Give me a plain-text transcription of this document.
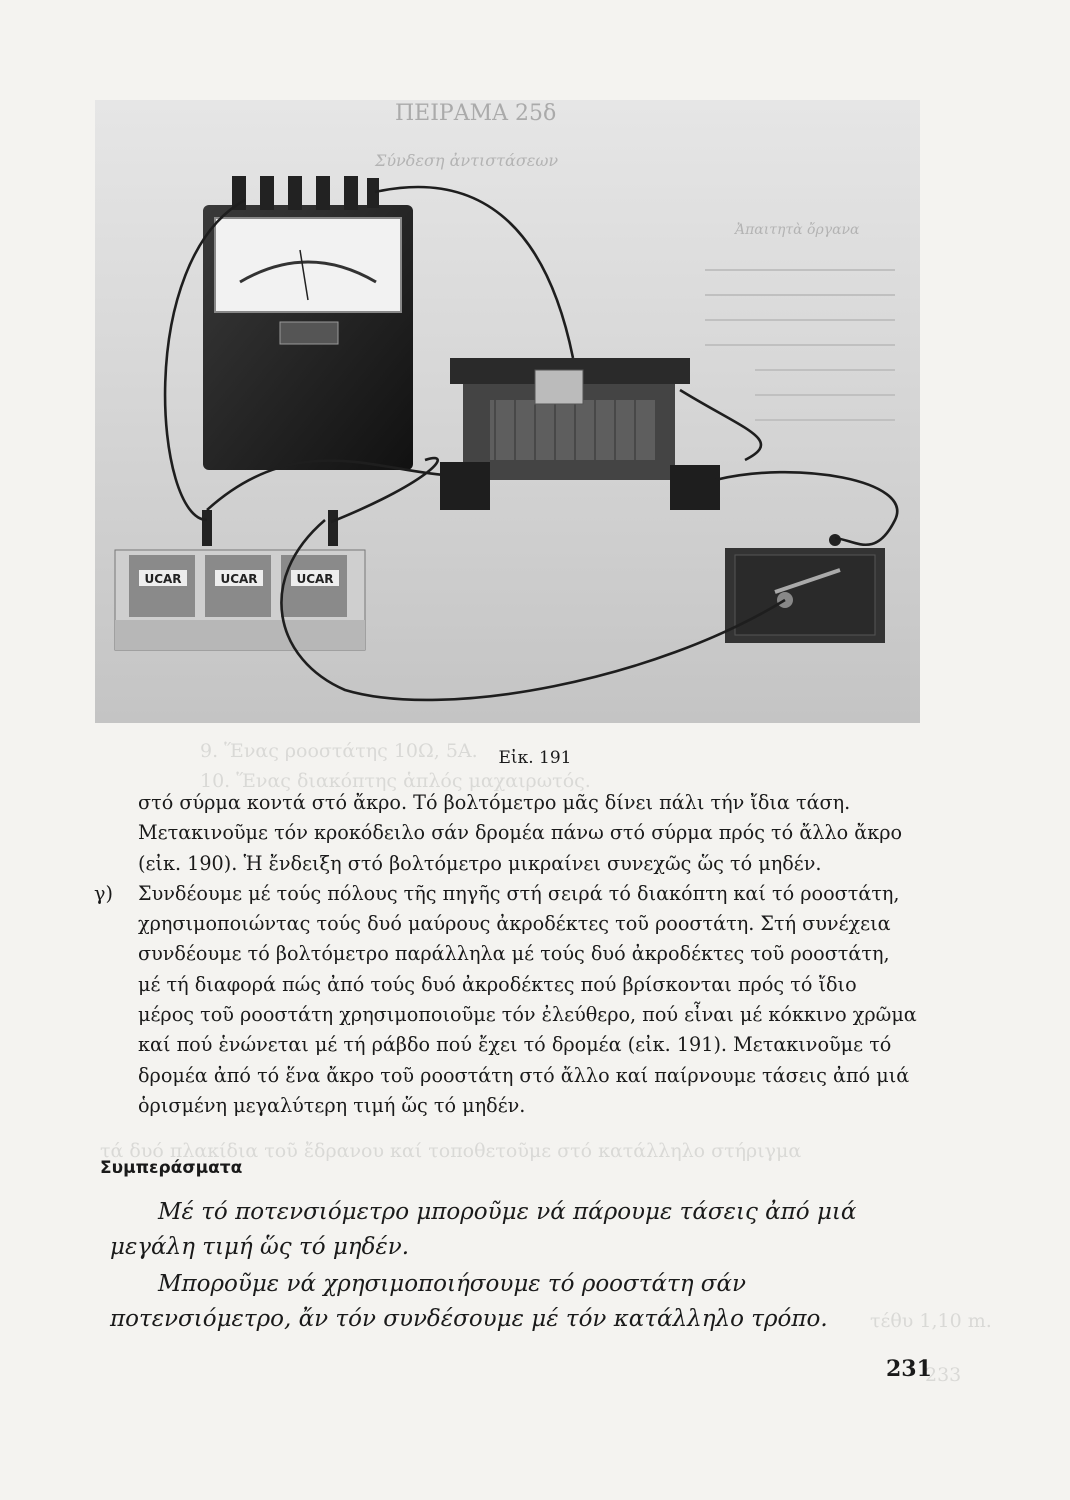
9. Ἕνας ροοστάτης 10Ω, 5Α.
10. Ἕνας διακόπτης ἁπλός μαχαιρωτός.
τά δυό πλακίδια τοῦ ἔδρανου καί τοποθετοῦμε στό κατάλληλο στήριγμα
τέθυ 1,10 m.
233
ΠΕΙΡΑΜΑ 25δ
Σύνδεση ἀντιστάσεων
Ἀπαιτητὰ ὄργανα
UCAR	UCAR	UCAR
Εἰκ. 191

στό σύρμα κοντά στό ἄκρο. Τό βολτόμετρο μᾶς δίνει πάλι τήν ἴδια τάση. Μετακινοῦμε τόν κροκόδειλο σάν δρομέα πάνω στό σύρμα πρός τό ἄλλο ἄκρο (εἰκ. 190). Ἡ ἔνδειξη στό βολτόμετρο μικραίνει συνεχῶς ὥς τό μηδέν.

γ) Συνδέουμε μέ τούς πόλους τῆς πηγῆς στή σειρά τό διακόπτη καί τό ροοστάτη, χρησιμοποιώντας τούς δυό μαύρους ἀκροδέκτες τοῦ ροοστάτη. Στή συνέχεια συνδέουμε τό βολτόμετρο παράλληλα μέ τούς δυό ἀκροδέκτες τοῦ ροοστάτη, μέ τή διαφορά πώς ἀπό τούς δυό ἀκροδέκτες πού βρίσκονται πρός τό ἴδιο μέρος τοῦ ροοστάτη χρησιμοποιοῦμε τόν ἐλεύθερο, πού εἶναι μέ κόκκινο χρῶμα καί πού ἑνώνεται μέ τή ράβδο πού ἔχει τό δρομέα (εἰκ. 191). Μετακινοῦμε τό δρομέα ἀπό τό ἕνα ἄκρο τοῦ ροοστάτη στό ἄλλο καί παίρνουμε τάσεις ἀπό μιά ὁρισμένη μεγαλύτερη τιμή ὥς τό μηδέν.

Συμπεράσματα

Μέ τό ποτενσιόμετρο μποροῦμε νά πάρουμε τάσεις ἀπό μιά μεγάλη τιμή ὥς τό μηδέν.

Μποροῦμε νά χρησιμοποιήσουμε τό ροοστάτη σάν ποτενσιόμετρο, ἄν τόν συνδέσουμε μέ τόν κατάλληλο τρόπο.

231
